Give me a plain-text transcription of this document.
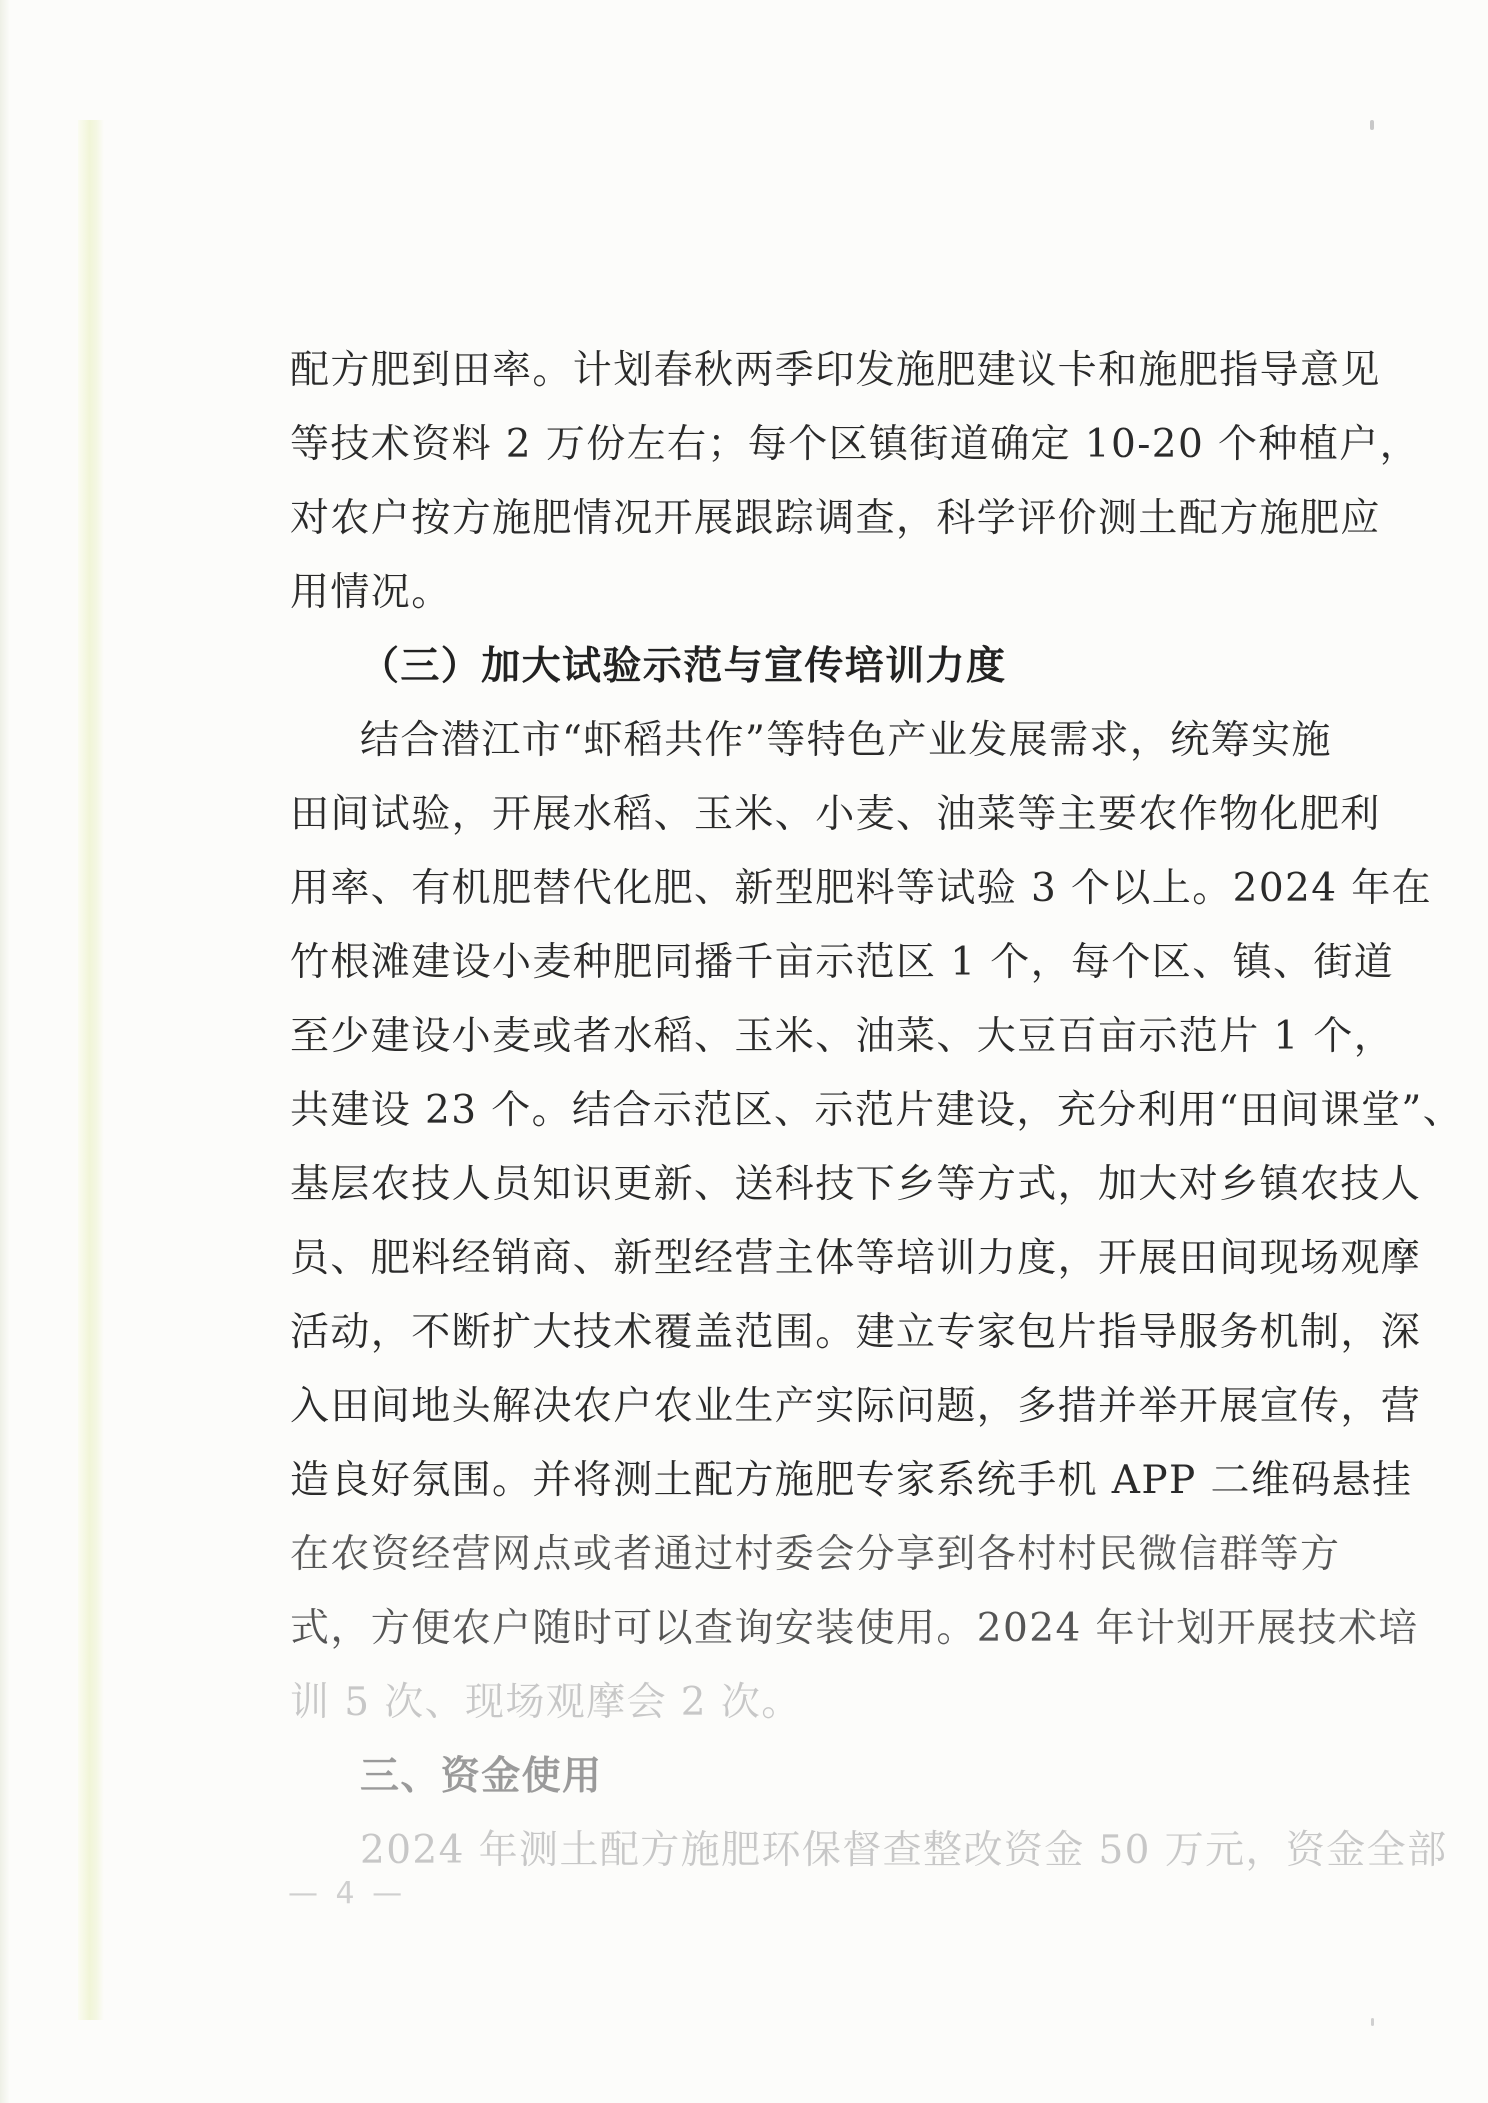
配方肥到田率。计划春秋两季印发施肥建议卡和施肥指导意见
等技术资料 2 万份左右；每个区镇街道确定 10-20 个种植户，
对农户按方施肥情况开展跟踪调查，科学评价测土配方施肥应
用情况。
（三）加大试验示范与宣传培训力度
结合潜江市“虾稻共作”等特色产业发展需求，统筹实施
田间试验，开展水稻、玉米、小麦、油菜等主要农作物化肥利
用率、有机肥替代化肥、新型肥料等试验 3 个以上。2024 年在
竹根滩建设小麦种肥同播千亩示范区 1 个，每个区、镇、街道
至少建设小麦或者水稻、玉米、油菜、大豆百亩示范片 1 个，
共建设 23 个。结合示范区、示范片建设，充分利用“田间课堂”、
基层农技人员知识更新、送科技下乡等方式，加大对乡镇农技人
员、肥料经销商、新型经营主体等培训力度，开展田间现场观摩
活动，不断扩大技术覆盖范围。建立专家包片指导服务机制，深
入田间地头解决农户农业生产实际问题，多措并举开展宣传，营
造良好氛围。并将测土配方施肥专家系统手机 APP 二维码悬挂
在农资经营网点或者通过村委会分享到各村村民微信群等方
式，方便农户随时可以查询安装使用。2024 年计划开展技术培
训 5 次、现场观摩会 2 次。
三、资金使用
2024 年测土配方施肥环保督查整改资金 50 万元，资金全部
— 4 —
